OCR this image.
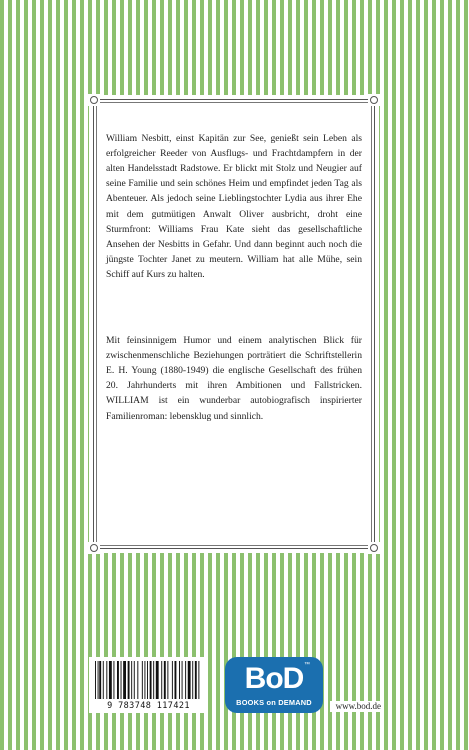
William Nesbitt, einst Kapitän zur See, genießt sein Leben als erfolgreicher Reeder von Ausflugs- und Frachtdampfern in der alten Handelsstadt Radstowe. Er blickt mit Stolz und Neugier auf seine Familie und sein schönes Heim und empfindet jeden Tag als Abenteuer. Als jedoch seine Lieblingstochter Lydia aus ihrer Ehe mit dem gutmütigen Anwalt Oliver ausbricht, droht eine Sturmfront: Williams Frau Kate sieht das gesellschaftliche Ansehen der Nesbitts in Gefahr. Und dann beginnt auch noch die jüngste Tochter Janet zu meutern. William hat alle Mühe, sein Schiff auf Kurs zu halten.

Mit feinsinnigem Humor und einem analytischen Blick für zwischenmenschliche Beziehungen porträtiert die Schriftstellerin E. H. Young (1880-1949) die englische Gesellschaft des frühen 20. Jahrhunderts mit ihren Ambitionen und Fallstricken. WILLIAM ist ein wunderbar autobiografisch inspirierter Familienroman: lebensklug und sinnlich.

9 783748 117421
BoD ™
BOOKS on DEMAND	www.bod.de
